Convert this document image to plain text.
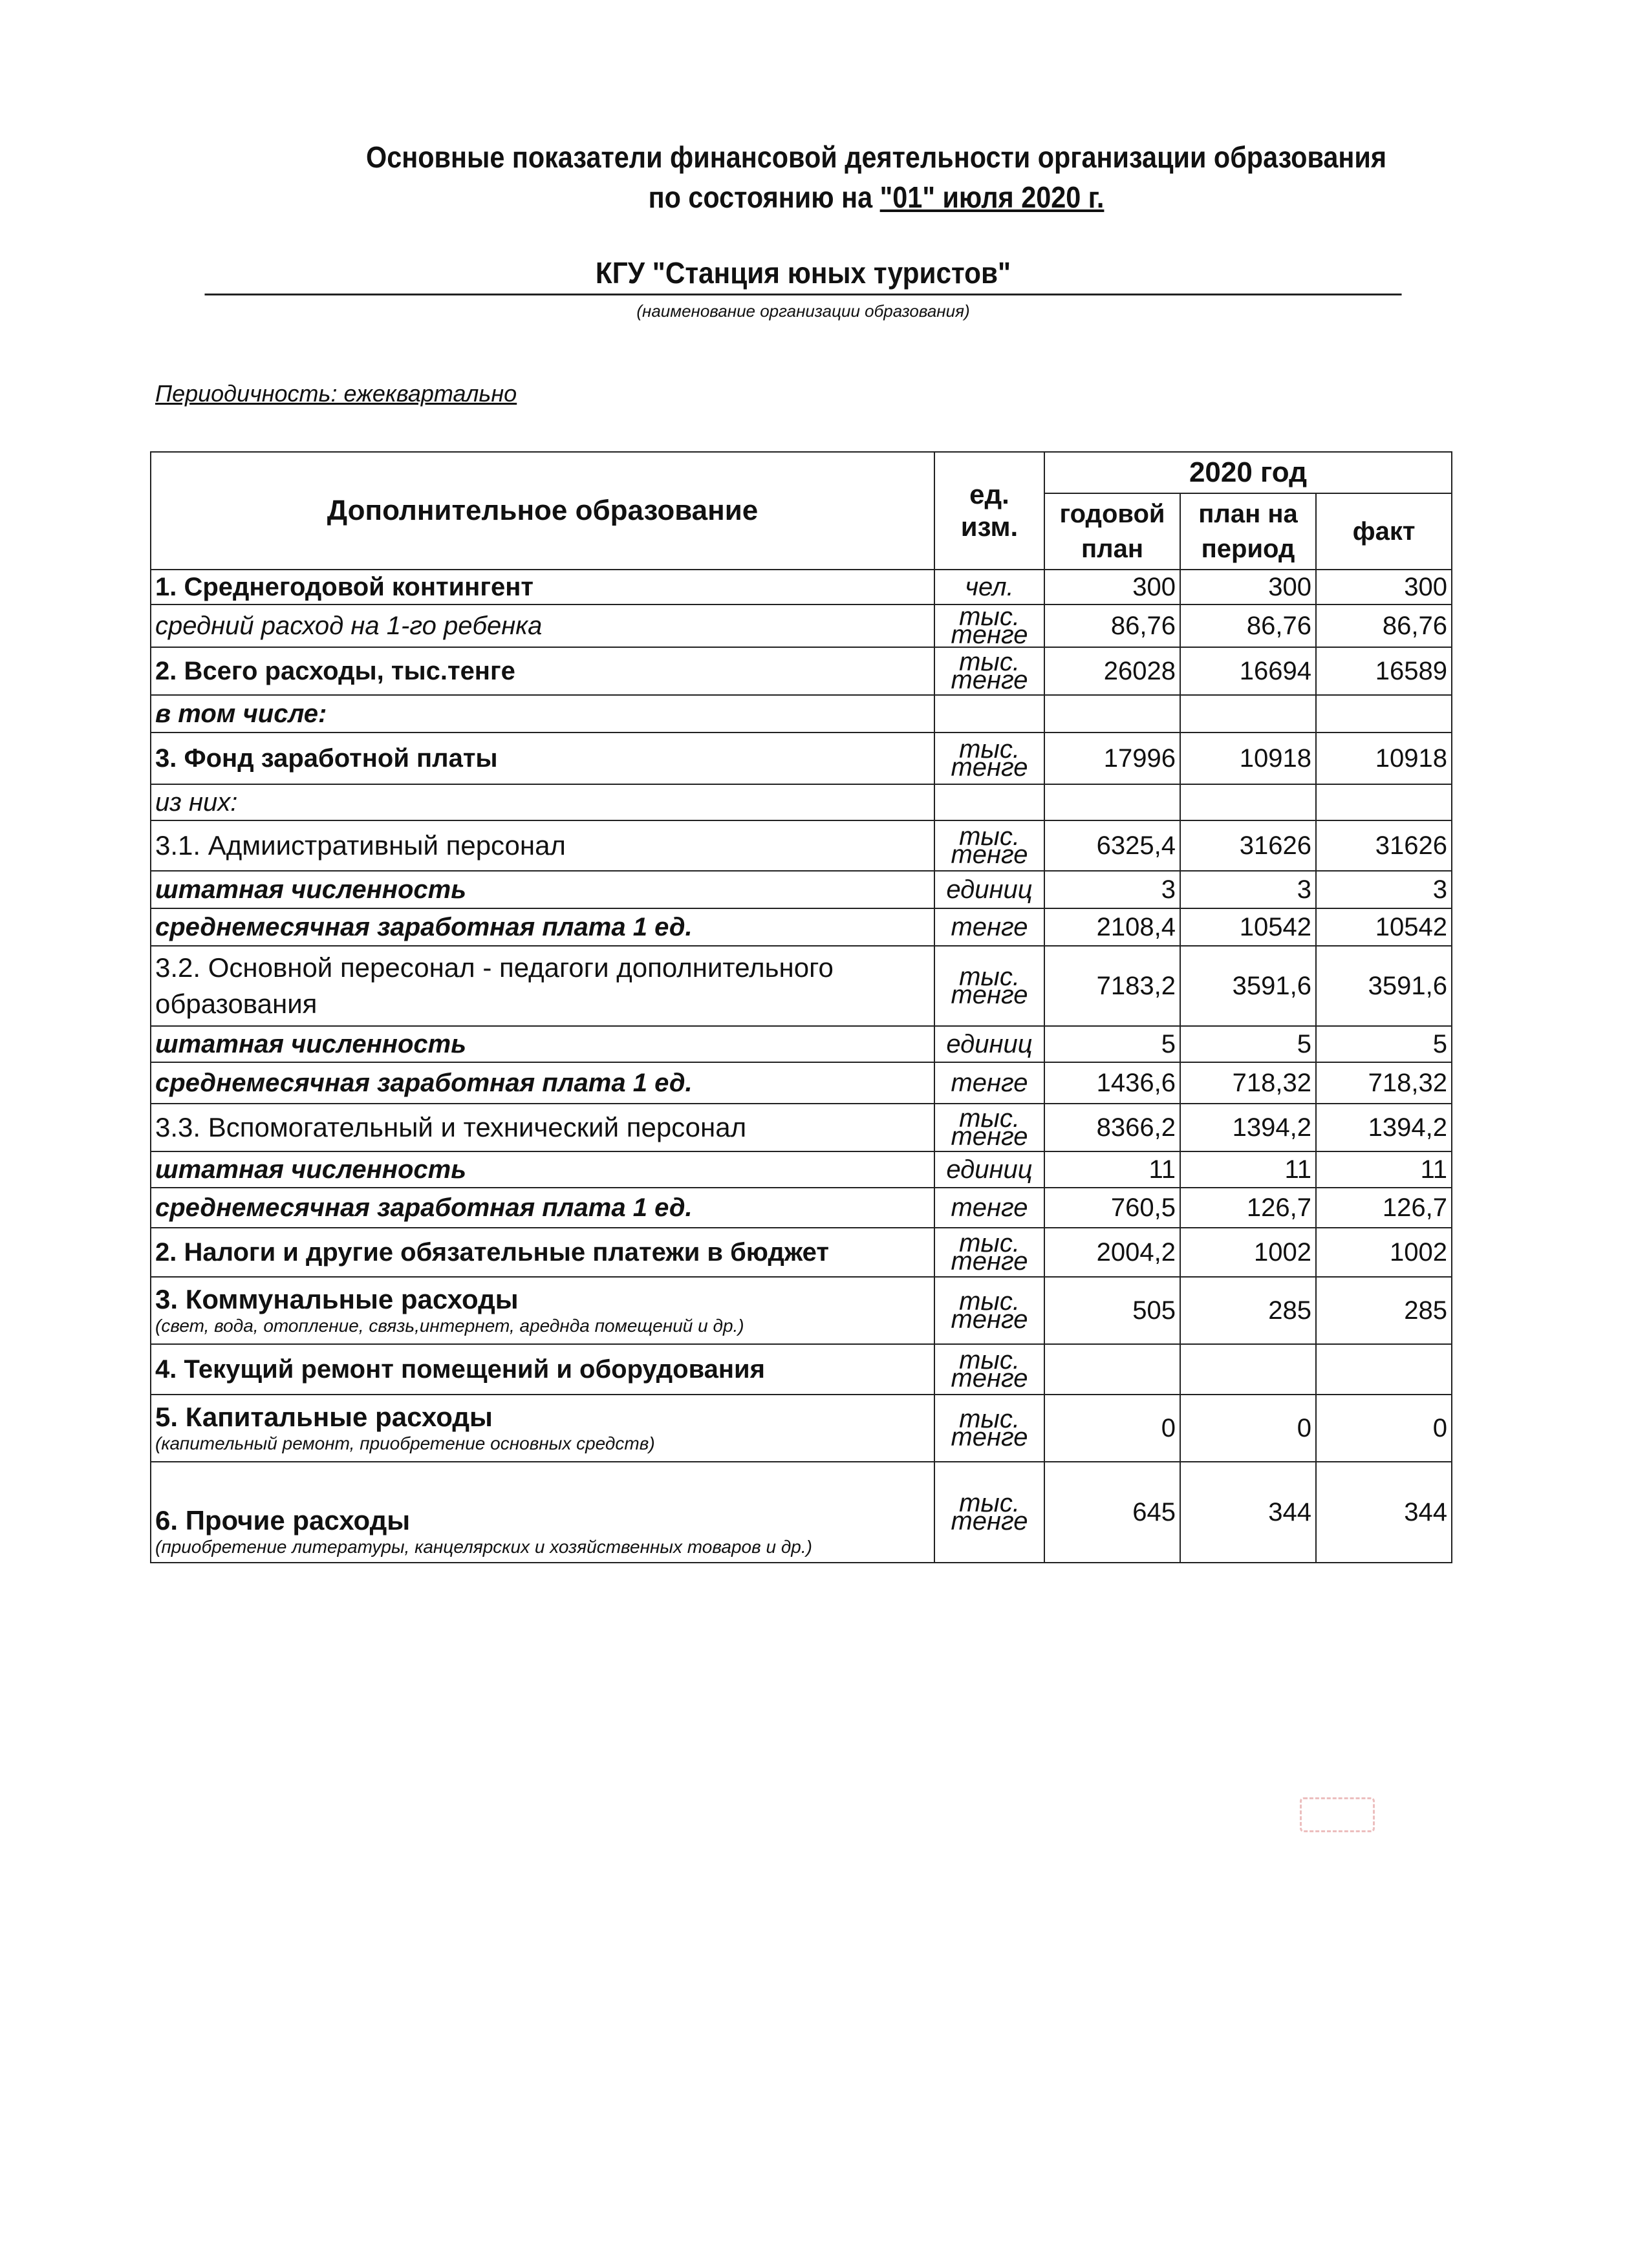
Основные показатели финансовой деятельности организации образования
по состоянию на "01" июля 2020 г.
КГУ "Станция юных туристов"
(наименование организации образования)
Периодичность: ежеквартально
Дополнительное образование	ед. изм.	2020 год		
		годовой план	план на период	факт
1. Среднегодовой контингент	чел.	300	300	300
средний расход на 1-го ребенка	тыс. тенге	86,76	86,76	86,76
2. Всего расходы, тыс.тенге	тыс. тенге	26028	16694	16589
в том числе:				
3. Фонд заработной платы	тыс. тенге	17996	10918	10918
из них:				
3.1. Адмиистративный персонал	тыс. тенге	6325,4	31626	31626
штатная численность	единиц	3	3	3
среднемесячная заработная плата 1 ед.	тенге	2108,4	10542	10542
3.2. Основной пересонал - педагоги дополнительного образования	тыс. тенге	7183,2	3591,6	3591,6
штатная численность	единиц	5	5	5
среднемесячная заработная плата 1 ед.	тенге	1436,6	718,32	718,32
3.3. Вспомогательный и технический персонал	тыс. тенге	8366,2	1394,2	1394,2
штатная численность	единиц	11	11	11
среднемесячная заработная плата 1 ед.	тенге	760,5	126,7	126,7
2. Налоги и другие обязательные платежи в бюджет	тыс. тенге	2004,2	1002	1002

3. Коммунальные расходы
(свет, вода, отопление, связь,интернет, ареднда помещений и др.)	тыс. тенге	505	285	285
4. Текущий ремонт помещений и оборудования	тыс. тенге			

5. Капитальные расходы
(капительный ремонт, приобретение основных средств)	тыс. тенге	0	0	0

6. Прочие расходы
(приобретение литературы, канцелярских и хозяйственных товаров и др.)	тыс. тенге	645	344	344
